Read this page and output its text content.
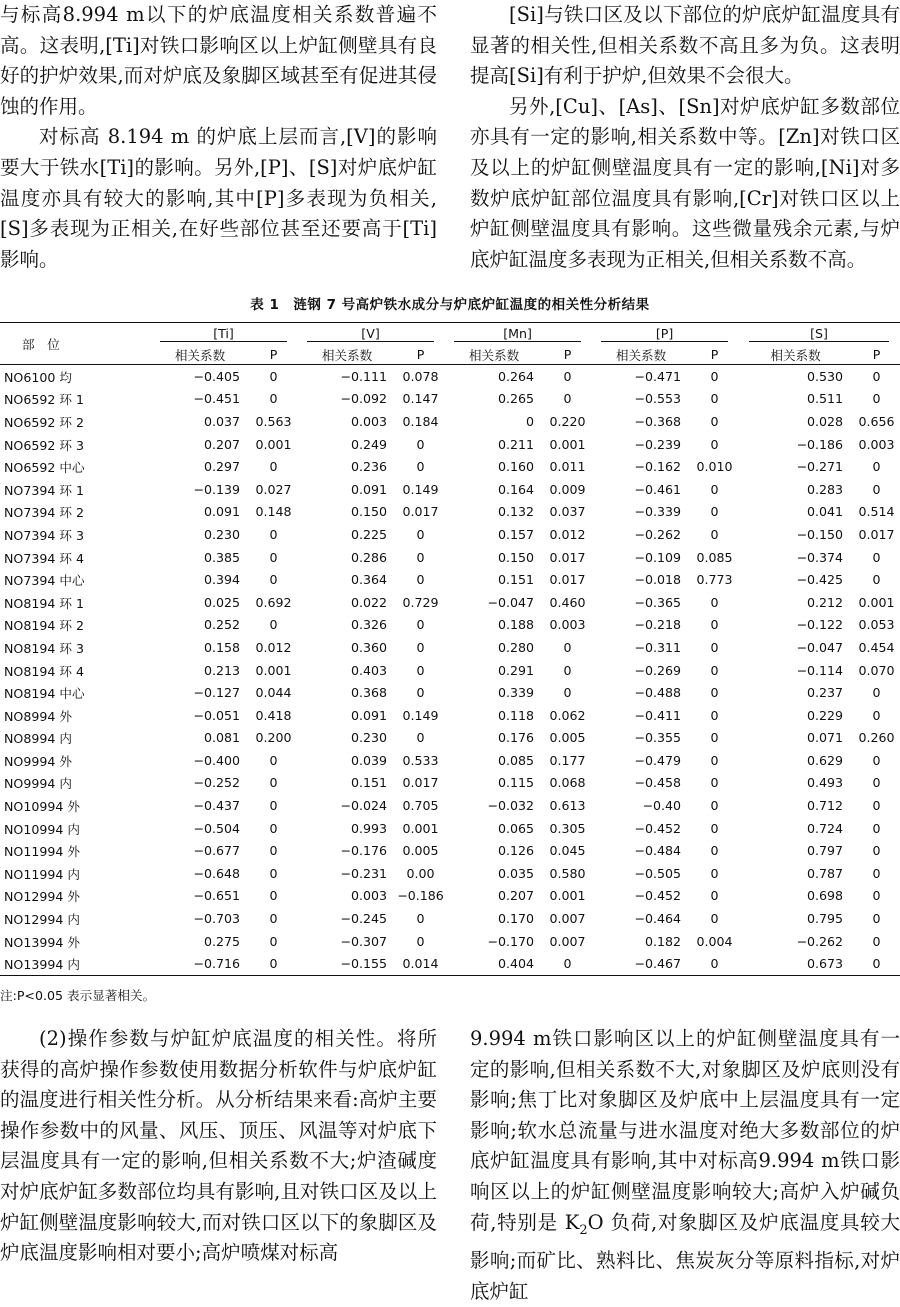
与标高8.994 m以下的炉底温度相关系数普遍不高。这表明,[Ti]对铁口影响区以上炉缸侧壁具有良好的护炉效果,而对炉底及象脚区域甚至有促进其侵蚀的作用。

对标高 8.194 m 的炉底上层而言,[V]的影响要大于铁水[Ti]的影响。另外,[P]、[S]对炉底炉缸温度亦具有较大的影响,其中[P]多表现为负相关,[S]多表现为正相关,在好些部位甚至还要高于[Ti]影响。

[Si]与铁口区及以下部位的炉底炉缸温度具有显著的相关性,但相关系数不高且多为负。这表明提高[Si]有利于护炉,但效果不会很大。

另外,[Cu]、[As]、[Sn]对炉底炉缸多数部位亦具有一定的影响,相关系数中等。[Zn]对铁口区及以上的炉缸侧壁温度具有一定的影响,[Ni]对多数炉底炉缸部位温度具有影响,[Cr]对铁口区以上炉缸侧壁温度具有影响。这些微量残余元素,与炉底炉缸温度多表现为正相关,但相关系数不高。

表 1　涟钢 7 号高炉铁水成分与炉底炉缸温度的相关性分析结果
部　位	[Ti]		[V]		[Mn]		[P]		[S]	
	相关系数	P	相关系数	P	相关系数	P	相关系数	P	相关系数	P
NO6100 均	−0.405	0	−0.111	0.078	0.264	0	−0.471	0	0.530	0
NO6592 环 1	−0.451	0	−0.092	0.147	0.265	0	−0.553	0	0.511	0
NO6592 环 2	0.037	0.563	0.003	0.184	0	0.220	−0.368	0	0.028	0.656
NO6592 环 3	0.207	0.001	0.249	0	0.211	0.001	−0.239	0	−0.186	0.003
NO6592 中心	0.297	0	0.236	0	0.160	0.011	−0.162	0.010	−0.271	0
NO7394 环 1	−0.139	0.027	0.091	0.149	0.164	0.009	−0.461	0	0.283	0
NO7394 环 2	0.091	0.148	0.150	0.017	0.132	0.037	−0.339	0	0.041	0.514
NO7394 环 3	0.230	0	0.225	0	0.157	0.012	−0.262	0	−0.150	0.017
NO7394 环 4	0.385	0	0.286	0	0.150	0.017	−0.109	0.085	−0.374	0
NO7394 中心	0.394	0	0.364	0	0.151	0.017	−0.018	0.773	−0.425	0
NO8194 环 1	0.025	0.692	0.022	0.729	−0.047	0.460	−0.365	0	0.212	0.001
NO8194 环 2	0.252	0	0.326	0	0.188	0.003	−0.218	0	−0.122	0.053
NO8194 环 3	0.158	0.012	0.360	0	0.280	0	−0.311	0	−0.047	0.454
NO8194 环 4	0.213	0.001	0.403	0	0.291	0	−0.269	0	−0.114	0.070
NO8194 中心	−0.127	0.044	0.368	0	0.339	0	−0.488	0	0.237	0
NO8994 外	−0.051	0.418	0.091	0.149	0.118	0.062	−0.411	0	0.229	0
NO8994 内	0.081	0.200	0.230	0	0.176	0.005	−0.355	0	0.071	0.260
NO9994 外	−0.400	0	0.039	0.533	0.085	0.177	−0.479	0	0.629	0
NO9994 内	−0.252	0	0.151	0.017	0.115	0.068	−0.458	0	0.493	0
NO10994 外	−0.437	0	−0.024	0.705	−0.032	0.613	−0.40	0	0.712	0
NO10994 内	−0.504	0	0.993	0.001	0.065	0.305	−0.452	0	0.724	0
NO11994 外	−0.677	0	−0.176	0.005	0.126	0.045	−0.484	0	0.797	0
NO11994 内	−0.648	0	−0.231	0.00	0.035	0.580	−0.505	0	0.787	0
NO12994 外	−0.651	0	0.003	−0.186	0.207	0.001	−0.452	0	0.698	0
NO12994 内	−0.703	0	−0.245	0	0.170	0.007	−0.464	0	0.795	0
NO13994 外	0.275	0	−0.307	0	−0.170	0.007	0.182	0.004	−0.262	0
NO13994 内	−0.716	0	−0.155	0.014	0.404	0	−0.467	0	0.673	0
注:P<0.05 表示显著相关。

(2)操作参数与炉缸炉底温度的相关性。将所获得的高炉操作参数使用数据分析软件与炉底炉缸的温度进行相关性分析。从分析结果来看:高炉主要操作参数中的风量、风压、顶压、风温等对炉底下层温度具有一定的影响,但相关系数不大;炉渣碱度对炉底炉缸多数部位均具有影响,且对铁口区及以上炉缸侧壁温度影响较大,而对铁口区以下的象脚区及炉底温度影响相对要小;高炉喷煤对标高

9.994 m铁口影响区以上的炉缸侧壁温度具有一定的影响,但相关系数不大,对象脚区及炉底则没有影响;焦丁比对象脚区及炉底中上层温度具有一定影响;软水总流量与进水温度对绝大多数部位的炉底炉缸温度具有影响,其中对标高9.994 m铁口影响区以上的炉缸侧壁温度影响较大;高炉入炉碱负荷,特别是 $K_2O$ 负荷,对象脚区及炉底温度具较大影响;而矿比、熟料比、焦炭灰分等原料指标,对炉底炉缸
